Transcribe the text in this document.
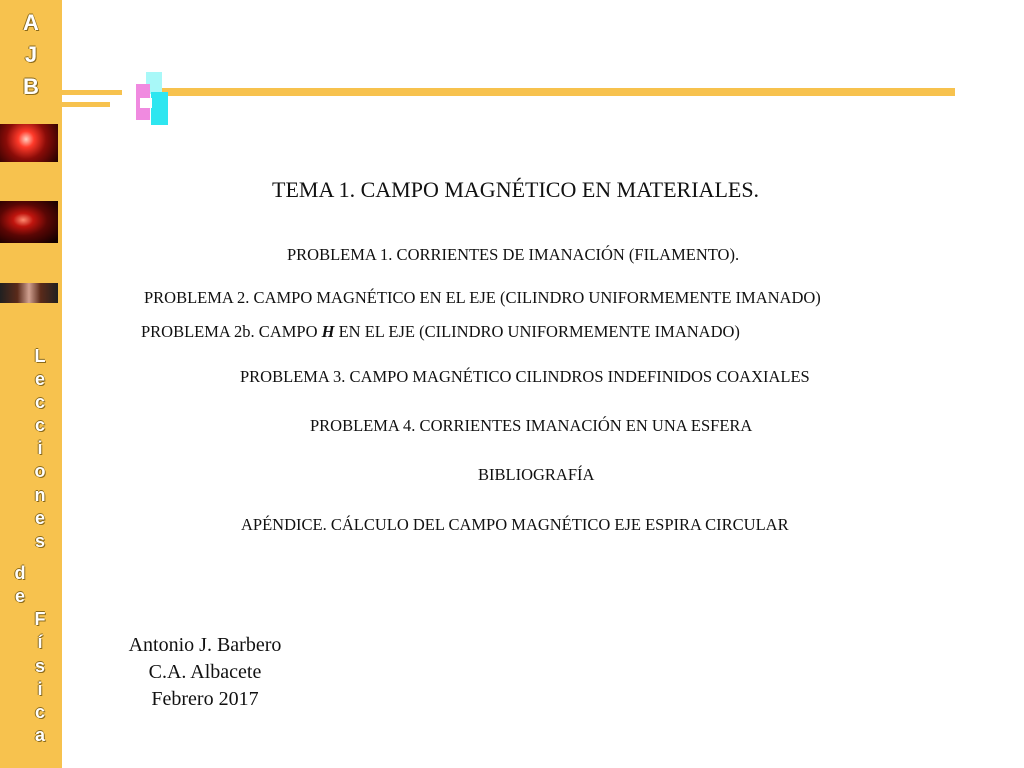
A
J
B
L
e
c
c
i
o
n
e
s
d
e
F
í
s
i
c
a
TEMA 1. CAMPO MAGNÉTICO EN MATERIALES.
PROBLEMA 1. CORRIENTES DE IMANACIÓN (FILAMENTO).
PROBLEMA 2. CAMPO MAGNÉTICO EN EL EJE (CILINDRO UNIFORMEMENTE IMANADO)
PROBLEMA 2b. CAMPO H EN EL EJE (CILINDRO UNIFORMEMENTE IMANADO)
PROBLEMA 3. CAMPO MAGNÉTICO CILINDROS INDEFINIDOS COAXIALES
PROBLEMA 4. CORRIENTES IMANACIÓN EN UNA ESFERA
BIBLIOGRAFÍA
APÉNDICE. CÁLCULO DEL CAMPO MAGNÉTICO EJE ESPIRA CIRCULAR
Antonio J. Barbero
C.A. Albacete
Febrero 2017
